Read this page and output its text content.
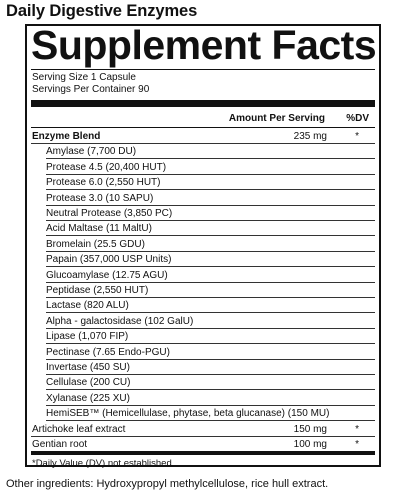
Daily Digestive Enzymes
Supplement Facts
Serving Size 1 Capsule
Servings Per Container 90
Amount Per Serving %DV
Enzyme Blend	235 mg	*
Amylase (7,700 DU)
Protease 4.5 (20,400 HUT)
Protease 6.0 (2,550 HUT)
Protease 3.0 (10 SAPU)
Neutral Protease (3,850 PC)
Acid Maltase (11 MaltU)
Bromelain (25.5 GDU)
Papain (357,000 USP Units)
Glucoamylase (12.75 AGU)
Peptidase (2,550 HUT)
Lactase (820 ALU)
Alpha - galactosidase (102 GalU)
Lipase (1,070 FIP)
Pectinase (7.65 Endo-PGU)
Invertase (450 SU)
Cellulase (200 CU)
Xylanase (225 XU)
HemiSEB™ (Hemicellulase, phytase, beta glucanase) (150 MU)
Artichoke leaf extract	150 mg	*
Gentian root	100 mg	*
*Daily Value (DV) not established.
Other ingredients: Hydroxypropyl methylcellulose, rice hull extract.
